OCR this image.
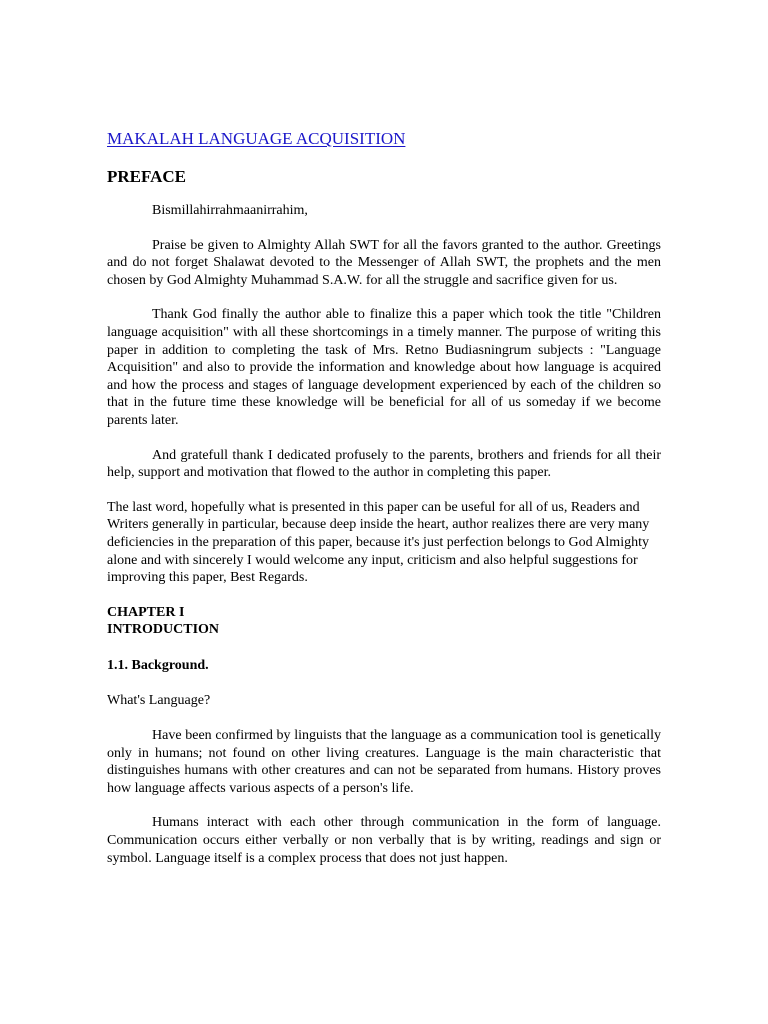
MAKALAH LANGUAGE ACQUISITION
PREFACE

Bismillahirrahmaanirrahim,

Praise be given to Almighty Allah SWT for all the favors granted to the author. Greetings and do not forget Shalawat devoted to the Messenger of Allah SWT, the prophets and the men chosen by God Almighty Muhammad S.A.W. for all the struggle and sacrifice given for us.

Thank God finally the author able to finalize this a paper which took the title "Children language acquisition" with all these shortcomings in a timely manner. The purpose of writing this paper in addition to completing the task of Mrs. Retno Budiasningrum subjects : "Language Acquisition" and also to provide the information and knowledge about how language is acquired and how the process and stages of language development experienced by each of the children so that in the future time these knowledge will be beneficial for all of us someday if we become parents later.

And gratefull thank I dedicated profusely to the parents, brothers and friends for all their help, support and motivation that flowed to the author in completing this paper.

The last word, hopefully what is presented in this paper can be useful for all of us, Readers and Writers generally in particular, because deep inside the heart, author realizes there are very many deficiencies in the preparation of this paper, because it's just perfection belongs to God Almighty alone and with sincerely I would welcome any input, criticism and also helpful suggestions for improving this paper, Best Regards.

CHAPTER I
INTRODUCTION
1.1. Background.

What's Language?

Have been confirmed by linguists that the language as a communication tool is genetically only in humans; not found on other living creatures. Language is the main characteristic that distinguishes humans with other creatures and can not be separated from humans. History proves how language affects various aspects of a person's life.

Humans interact with each other through communication in the form of language. Communication occurs either verbally or non verbally that is by writing, readings and sign or symbol. Language itself is a complex process that does not just happen.
